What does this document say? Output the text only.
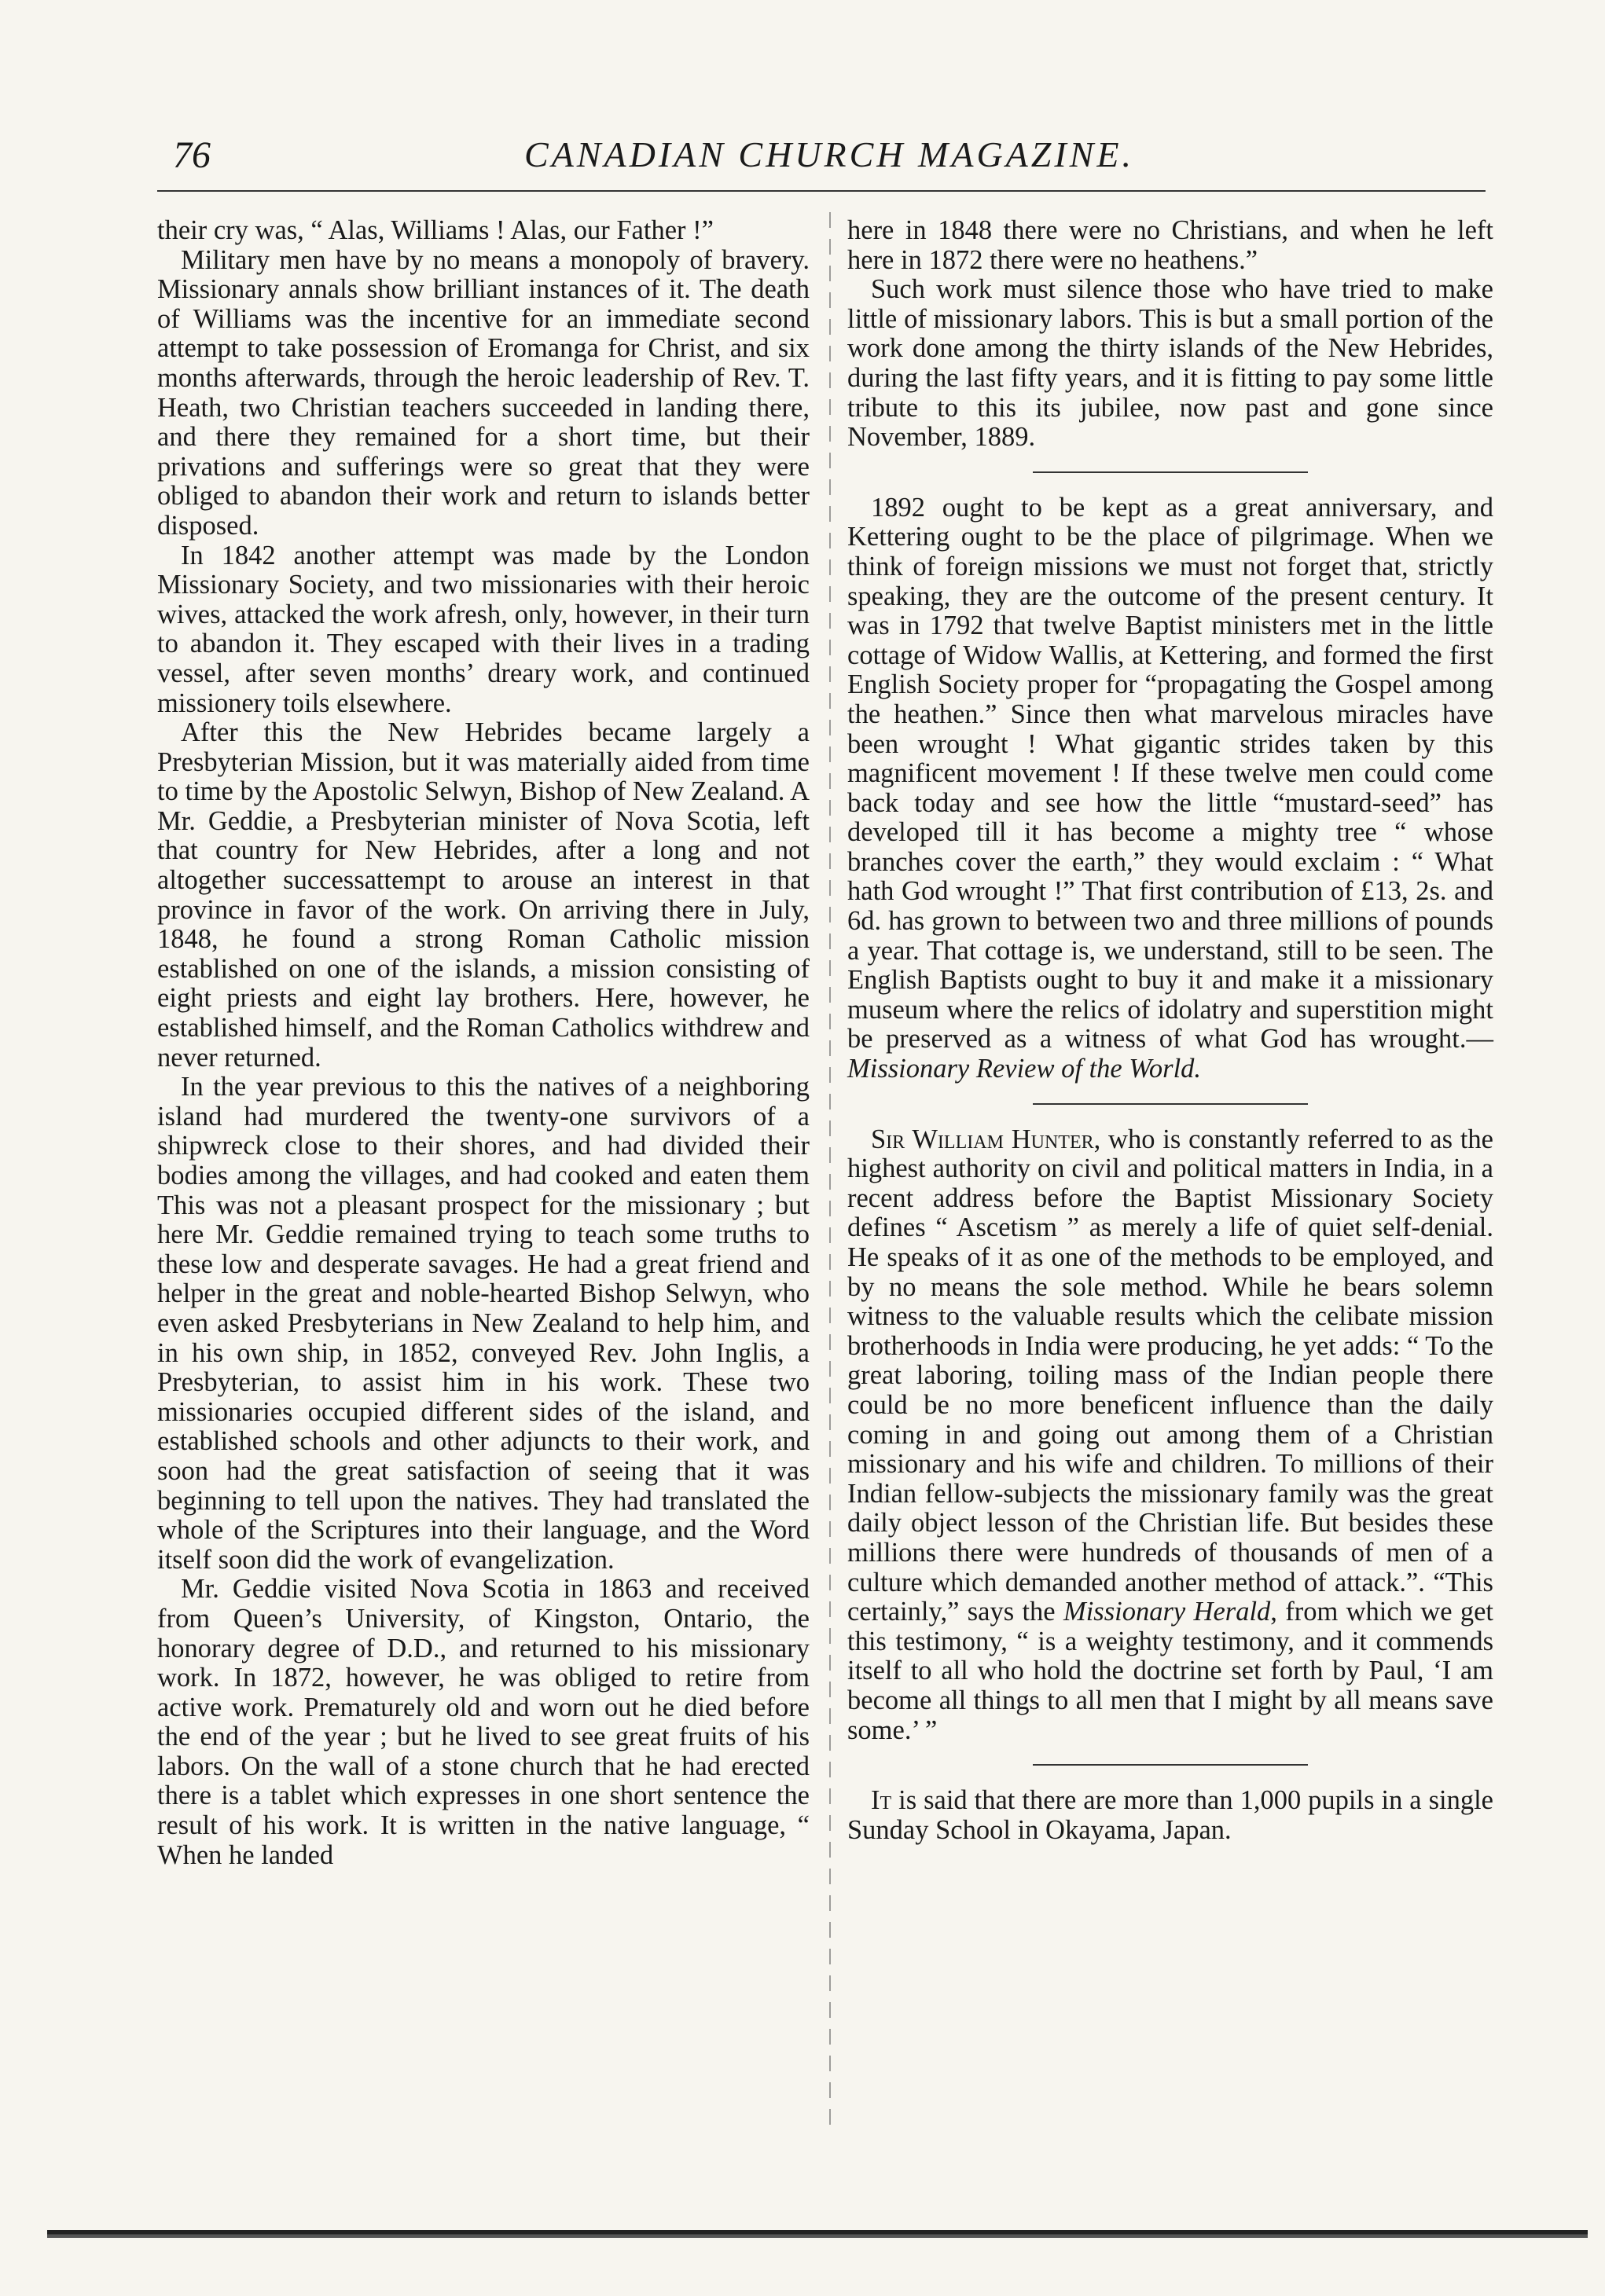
76	CANADIAN CHURCH MAGAZINE.

their cry was, “ Alas, Williams ! Alas, our Father !”

Military men have by no means a monopoly of bravery. Missionary annals show brilliant instances of it. The death of Williams was the incentive for an immediate second attempt to take possession of Eromanga for Christ, and six months afterwards, through the heroic leadership of Rev. T. Heath, two Christian teachers succeeded in landing there, and there they remained for a short time, but their privations and sufferings were so great that they were obliged to abandon their work and return to islands better disposed.

In 1842 another attempt was made by the London Missionary Society, and two missionaries with their heroic wives, attacked the work afresh, only, however, in their turn to abandon it. They escaped with their lives in a trading vessel, after seven months’ dreary work, and continued missionery toils elsewhere.

After this the New Hebrides became largely a Presbyterian Mission, but it was materially aided from time to time by the Apostolic Selwyn, Bishop of New Zealand. A Mr. Geddie, a Presbyterian minister of Nova Scotia, left that country for New Hebrides, after a long and not altogether successattempt to arouse an interest in that province in favor of the work. On arriving there in July, 1848, he found a strong Roman Catholic mission established on one of the islands, a mission consisting of eight priests and eight lay brothers. Here, however, he established himself, and the Roman Catholics withdrew and never returned.

In the year previous to this the natives of a neighboring island had murdered the twenty-one survivors of a shipwreck close to their shores, and had divided their bodies among the villages, and had cooked and eaten them This was not a pleasant prospect for the missionary ; but here Mr. Geddie remained trying to teach some truths to these low and desperate savages. He had a great friend and helper in the great and noble-hearted Bishop Selwyn, who even asked Presbyterians in New Zealand to help him, and in his own ship, in 1852, conveyed Rev. John Inglis, a Presbyterian, to assist him in his work. These two missionaries occupied different sides of the island, and established schools and other adjuncts to their work, and soon had the great satisfaction of seeing that it was beginning to tell upon the natives. They had translated the whole of the Scriptures into their language, and the Word itself soon did the work of evangelization.

Mr. Geddie visited Nova Scotia in 1863 and received from Queen’s University, of Kingston, Ontario, the honorary degree of D.D., and returned to his missionary work. In 1872, however, he was obliged to retire from active work. Prematurely old and worn out he died before the end of the year ; but he lived to see great fruits of his labors. On the wall of a stone church that he had erected there is a tablet which expresses in one short sentence the result of his work. It is written in the native language, “ When he landed

here in 1848 there were no Christians, and when he left here in 1872 there were no heathens.”

Such work must silence those who have tried to make little of missionary labors. This is but a small portion of the work done among the thirty islands of the New Hebrides, during the last fifty years, and it is fitting to pay some little tribute to this its jubilee, now past and gone since November, 1889.

1892 ought to be kept as a great anniversary, and Kettering ought to be the place of pilgrimage. When we think of foreign missions we must not forget that, strictly speaking, they are the outcome of the present century. It was in 1792 that twelve Baptist ministers met in the little cottage of Widow Wallis, at Kettering, and formed the first English Society proper for “propagating the Gospel among the heathen.” Since then what marvelous miracles have been wrought ! What gigantic strides taken by this magnificent movement ! If these twelve men could come back today and see how the little “mustard-seed” has developed till it has become a mighty tree “ whose branches cover the earth,” they would exclaim : “ What hath God wrought !” That first contribution of £13, 2s. and 6d. has grown to between two and three millions of pounds a year. That cottage is, we understand, still to be seen. The English Baptists ought to buy it and make it a missionary museum where the relics of idolatry and superstition might be preserved as a witness of what God has wrought.—Missionary Review of the World.

Sir William Hunter, who is constantly referred to as the highest authority on civil and political matters in India, in a recent address before the Baptist Missionary Society defines “ Ascetism ” as merely a life of quiet self-denial. He speaks of it as one of the methods to be employed, and by no means the sole method. While he bears solemn witness to the valuable results which the celibate mission brotherhoods in India were producing, he yet adds: “ To the great laboring, toiling mass of the Indian people there could be no more beneficent influence than the daily coming in and going out among them of a Christian missionary and his wife and children. To millions of their Indian fellow-subjects the missionary family was the great daily object lesson of the Christian life. But besides these millions there were hundreds of thousands of men of a culture which demanded another method of attack.”. “This certainly,” says the Missionary Herald, from which we get this testimony, “ is a weighty testimony, and it commends itself to all who hold the doctrine set forth by Paul, ‘I am become all things to all men that I might by all means save some.’ ”

It is said that there are more than 1,000 pupils in a single Sunday School in Okayama, Japan.
